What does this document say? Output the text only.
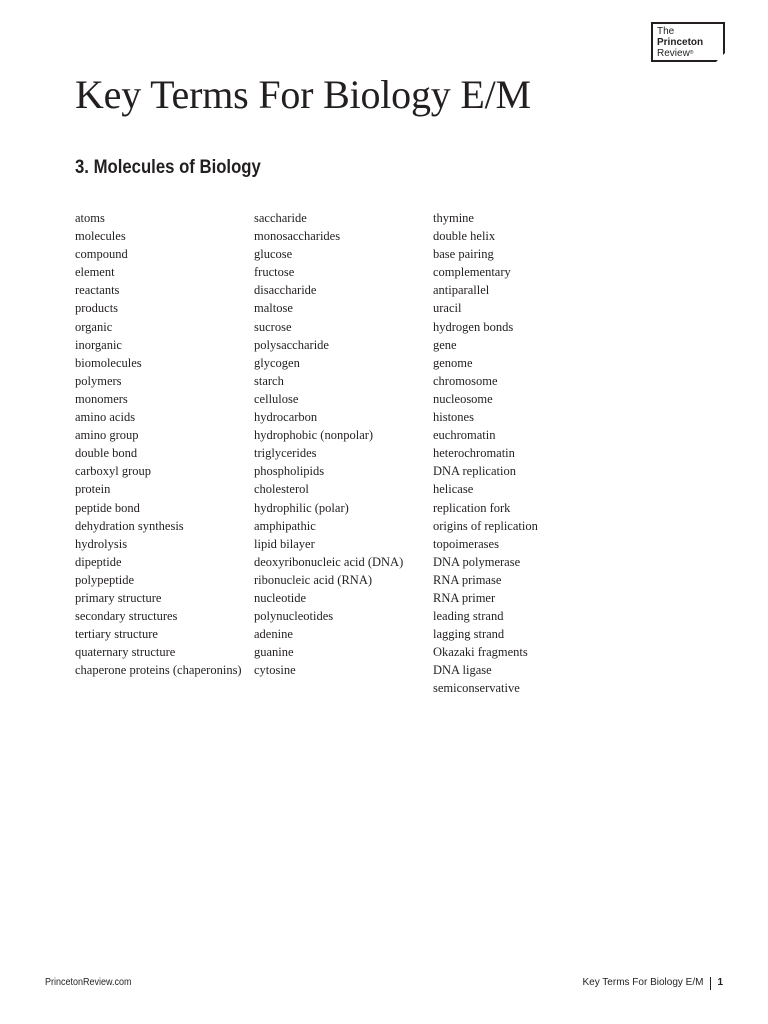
The
Princeton
Review®
Key Terms For Biology E/M
3. Molecules of Biology
atoms
molecules
compound
element
reactants
products
organic
inorganic
biomolecules
polymers
monomers
amino acids
amino group
double bond
carboxyl group
protein
peptide bond
dehydration synthesis
hydrolysis
dipeptide
polypeptide
primary structure
secondary structures
tertiary structure
quaternary structure
chaperone proteins (chaperonins)
saccharide
monosaccharides
glucose
fructose
disaccharide
maltose
sucrose
polysaccharide
glycogen
starch
cellulose
hydrocarbon
hydrophobic (nonpolar)
triglycerides
phospholipids
cholesterol
hydrophilic (polar)
amphipathic
lipid bilayer
deoxyribonucleic acid (DNA)
ribonucleic acid (RNA)
nucleotide
polynucleotides
adenine
guanine
cytosine
thymine
double helix
base pairing
complementary
antiparallel
uracil
hydrogen bonds
gene
genome
chromosome
nucleosome
histones
euchromatin
heterochromatin
DNA replication
helicase
replication fork
origins of replication
topoimerases
DNA polymerase
RNA primase
RNA primer
leading strand
lagging strand
Okazaki fragments
DNA ligase
semiconservative
PrincetonReview.com	Key Terms For Biology E/M 1
